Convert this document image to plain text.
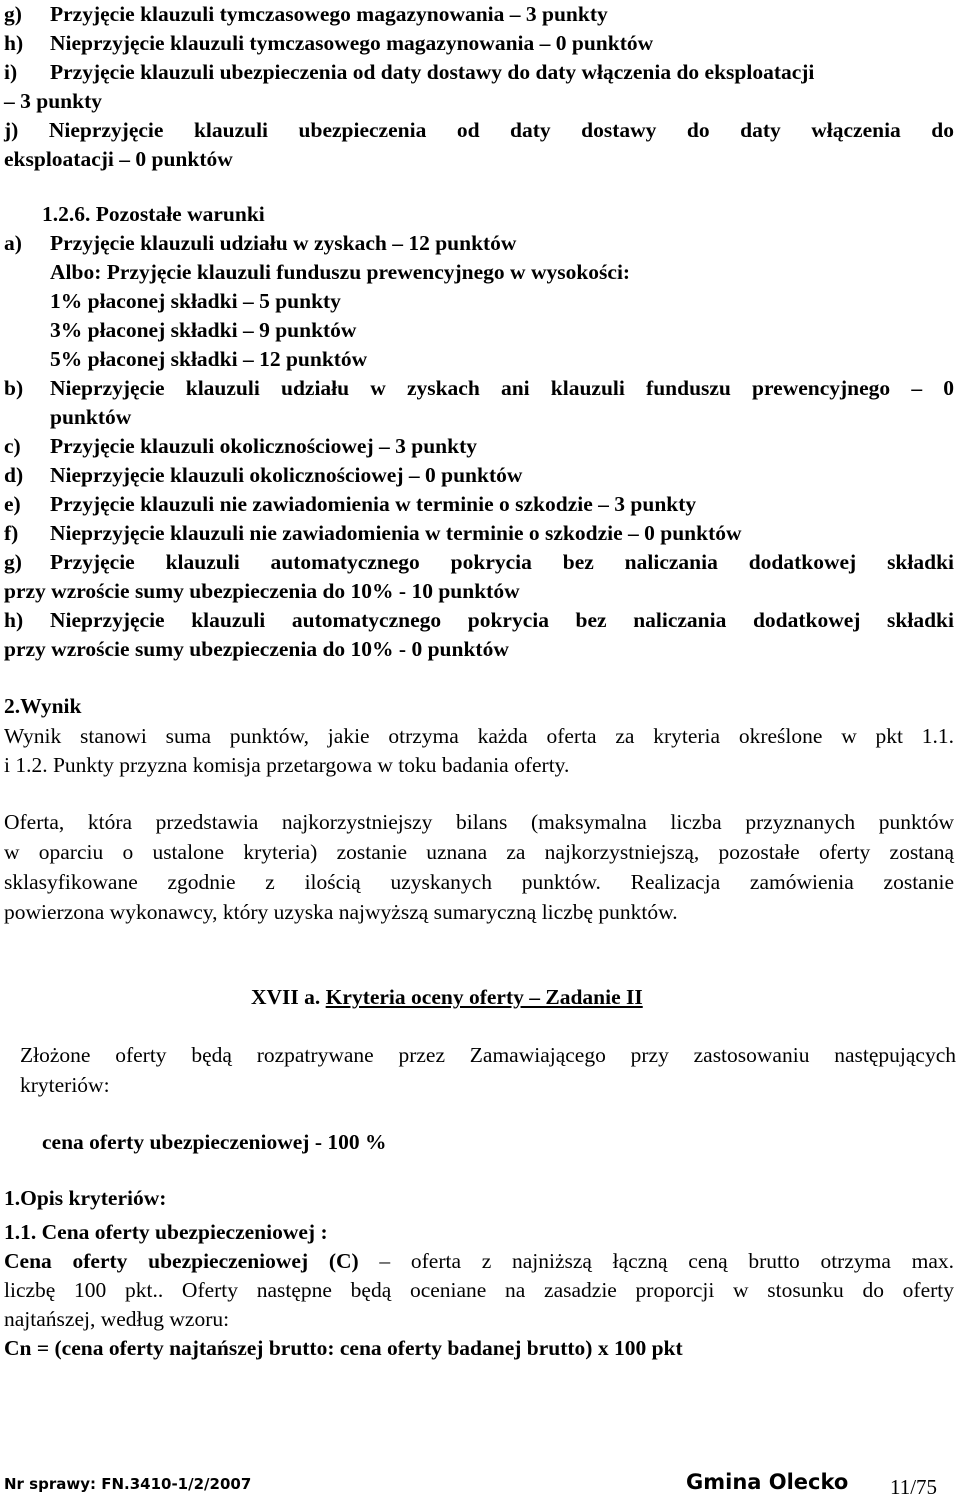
g) Przyjęcie klauzuli tymczasowego magazynowania – 3 punkty
h) Nieprzyjęcie klauzuli tymczasowego magazynowania – 0 punktów
i) Przyjęcie klauzuli ubezpieczenia od daty dostawy do daty włączenia do eksploatacji
– 3 punkty
j) Nieprzyjęcie klauzuli ubezpieczenia od daty dostawy do daty włączenia do
eksploatacji – 0 punktów
1.2.6. Pozostałe warunki
a) Przyjęcie klauzuli udziału w zyskach – 12 punktów
Albo: Przyjęcie klauzuli funduszu prewencyjnego w wysokości:
1% płaconej składki – 5 punkty
3% płaconej składki – 9 punktów
5% płaconej składki – 12 punktów
b) Nieprzyjęcie klauzuli udziału w zyskach ani klauzuli funduszu prewencyjnego – 0
punktów
c) Przyjęcie klauzuli okolicznościowej – 3 punkty
d) Nieprzyjęcie klauzuli okolicznościowej – 0 punktów
e) Przyjęcie klauzuli nie zawiadomienia w terminie o szkodzie – 3 punkty
f) Nieprzyjęcie klauzuli nie zawiadomienia w terminie o szkodzie – 0 punktów
g) Przyjęcie klauzuli automatycznego pokrycia bez naliczania dodatkowej składki
przy wzroście sumy ubezpieczenia do 10% - 10 punktów
h) Nieprzyjęcie klauzuli automatycznego pokrycia bez naliczania dodatkowej składki
przy wzroście sumy ubezpieczenia do 10% - 0 punktów
2.Wynik
Wynik stanowi suma punktów, jakie otrzyma każda oferta za kryteria określone w pkt 1.1.
i 1.2. Punkty przyzna komisja przetargowa w toku badania oferty.
Oferta, która przedstawia najkorzystniejszy bilans (maksymalna liczba przyznanych punktów
w oparciu o ustalone kryteria) zostanie uznana za najkorzystniejszą, pozostałe oferty zostaną
sklasyfikowane zgodnie z ilością uzyskanych punktów. Realizacja zamówienia zostanie
powierzona wykonawcy, który uzyska najwyższą sumaryczną liczbę punktów.
XVII a. Kryteria oceny oferty – Zadanie II
Złożone oferty będą rozpatrywane przez Zamawiającego przy zastosowaniu następujących
kryteriów:
cena oferty ubezpieczeniowej - 100 %
1.Opis kryteriów:
1.1. Cena oferty ubezpieczeniowej :
Cena oferty ubezpieczeniowej (C) – oferta z najniższą łączną ceną brutto otrzyma max.
liczbę 100 pkt.. Oferty następne będą oceniane na zasadzie proporcji w stosunku do oferty
najtańszej, według wzoru:
Cn = (cena oferty najtańszej brutto: cena oferty badanej brutto) x 100 pkt
Nr sprawy: FN.3410-1/2/2007	Gmina Olecko 11/75
